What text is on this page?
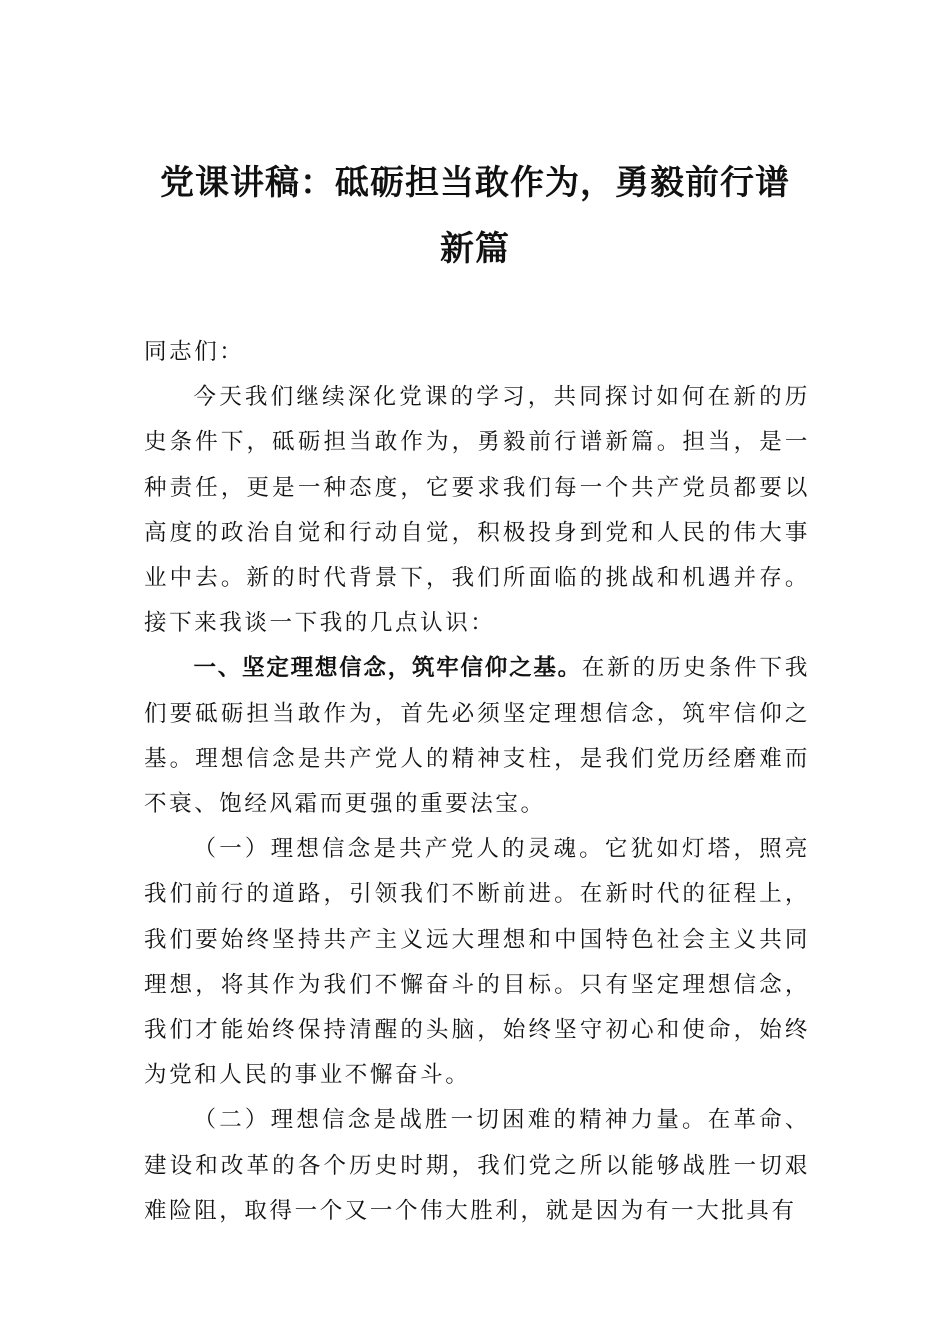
党课讲稿：砥砺担当敢作为，勇毅前行谱
新篇

同志们：

今天我们继续深化党课的学习，共同探讨如何在新的历史条件下，砥砺担当敢作为，勇毅前行谱新篇。担当，是一种责任，更是一种态度，它要求我们每一个共产党员都要以高度的政治自觉和行动自觉，积极投身到党和人民的伟大事业中去。新的时代背景下，我们所面临的挑战和机遇并存。接下来我谈一下我的几点认识：

一、坚定理想信念，筑牢信仰之基。在新的历史条件下我们要砥砺担当敢作为，首先必须坚定理想信念，筑牢信仰之基。理想信念是共产党人的精神支柱，是我们党历经磨难而不衰、饱经风霜而更强的重要法宝。

（一）理想信念是共产党人的灵魂。它犹如灯塔，照亮我们前行的道路，引领我们不断前进。在新时代的征程上，我们要始终坚持共产主义远大理想和中国特色社会主义共同理想，将其作为我们不懈奋斗的目标。只有坚定理想信念，我们才能始终保持清醒的头脑，始终坚守初心和使命，始终为党和人民的事业不懈奋斗。

（二）理想信念是战胜一切困难的精神力量。在革命、建设和改革的各个历史时期，我们党之所以能够战胜一切艰难险阻，取得一个又一个伟大胜利，就是因为有一大批具有
